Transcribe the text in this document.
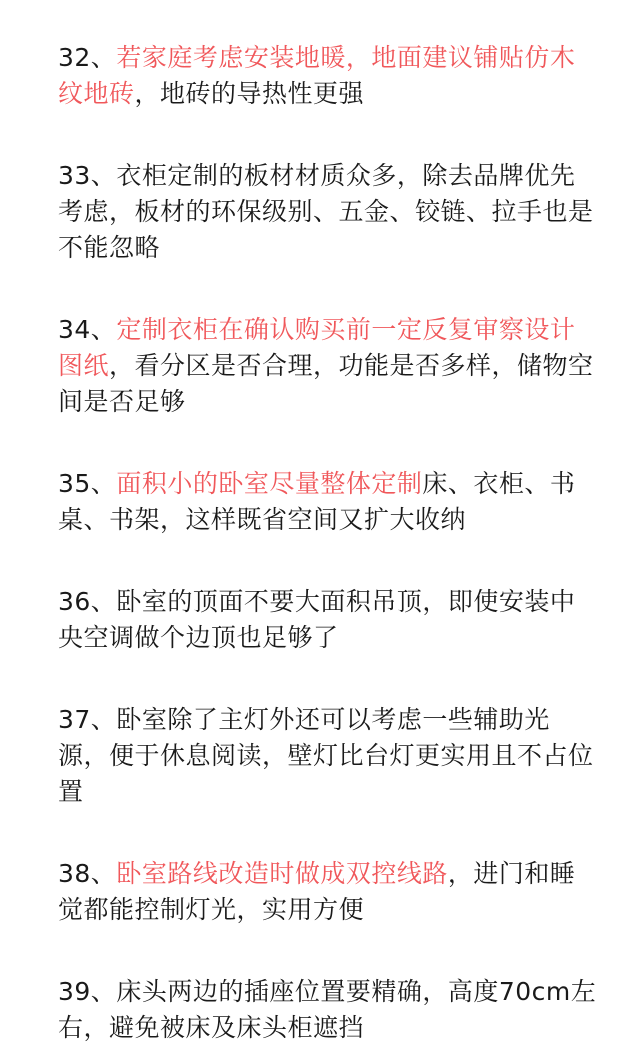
32、若家庭考虑安装地暖，地面建议铺贴仿木纹地砖，地砖的导热性更强

33、衣柜定制的板材材质众多，除去品牌优先考虑，板材的环保级别、五金、铰链、拉手也是不能忽略

34、定制衣柜在确认购买前一定反复审察设计图纸，看分区是否合理，功能是否多样，储物空间是否足够

35、面积小的卧室尽量整体定制床、衣柜、书桌、书架，这样既省空间又扩大收纳

36、卧室的顶面不要大面积吊顶，即使安装中央空调做个边顶也足够了

37、卧室除了主灯外还可以考虑一些辅助光源，便于休息阅读，壁灯比台灯更实用且不占位置

38、卧室路线改造时做成双控线路，进门和睡觉都能控制灯光，实用方便

39、床头两边的插座位置要精确，高度70cm左右，避免被床及床头柜遮挡
